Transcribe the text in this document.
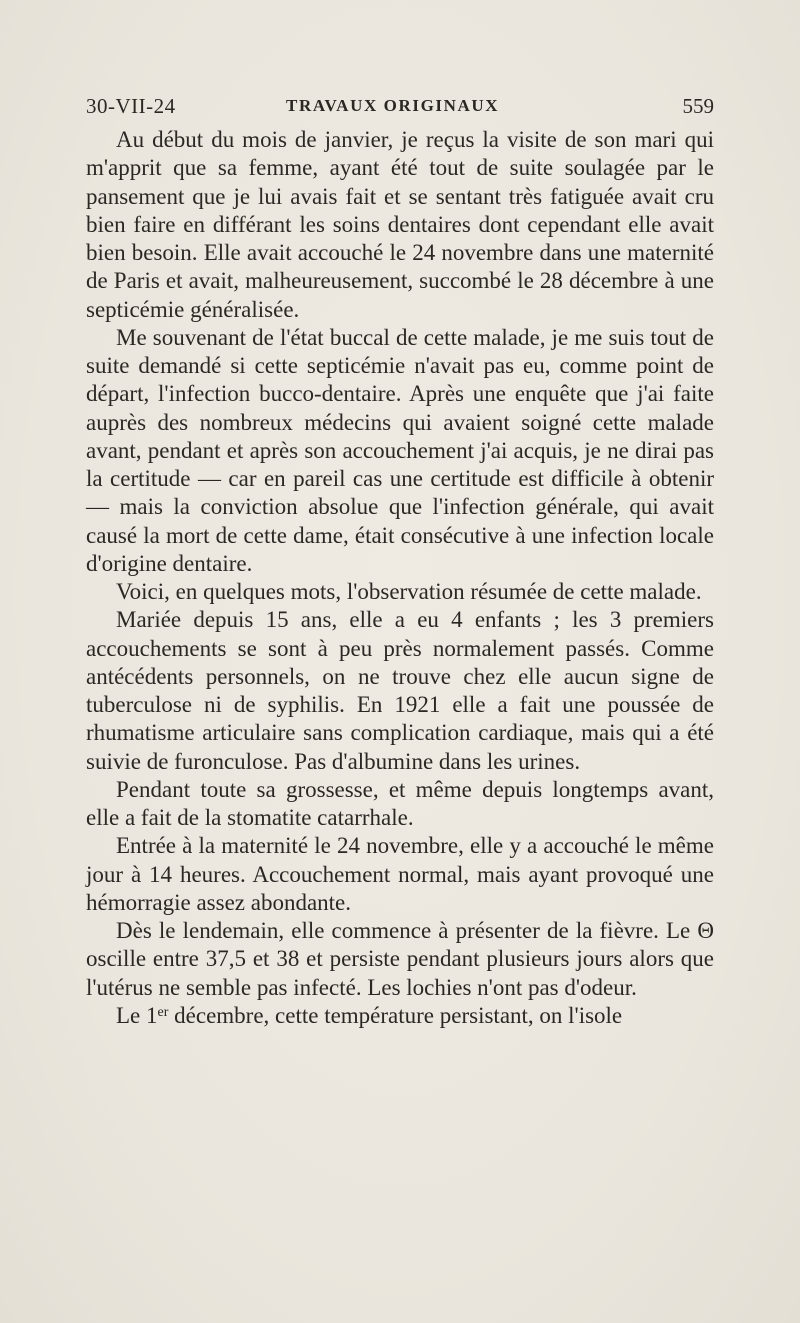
30-VII-24	TRAVAUX ORIGINAUX	559

Au début du mois de janvier, je reçus la visite de son mari qui m'apprit que sa femme, ayant été tout de suite soulagée par le pansement que je lui avais fait et se sentant très fatiguée avait cru bien faire en différant les soins dentaires dont cependant elle avait bien besoin. Elle avait accouché le 24 novembre dans une maternité de Paris et avait, malheureusement, succombé le 28 décembre à une septicémie généralisée.

Me souvenant de l'état buccal de cette malade, je me suis tout de suite demandé si cette septicémie n'avait pas eu, comme point de départ, l'infection bucco-dentaire. Après une enquête que j'ai faite auprès des nombreux médecins qui avaient soigné cette malade avant, pendant et après son accouchement j'ai acquis, je ne dirai pas la certitude — car en pareil cas une certitude est difficile à obtenir — mais la conviction absolue que l'infection générale, qui avait causé la mort de cette dame, était consécutive à une infection locale d'origine dentaire.

Voici, en quelques mots, l'observation résumée de cette malade.

Mariée depuis 15 ans, elle a eu 4 enfants ; les 3 premiers accouchements se sont à peu près normalement passés. Comme antécédents personnels, on ne trouve chez elle aucun signe de tuberculose ni de syphilis. En 1921 elle a fait une poussée de rhumatisme articulaire sans complication cardiaque, mais qui a été suivie de furonculose. Pas d'albumine dans les urines.

Pendant toute sa grossesse, et même depuis longtemps avant, elle a fait de la stomatite catarrhale.

Entrée à la maternité le 24 novembre, elle y a accouché le même jour à 14 heures. Accouchement normal, mais ayant provoqué une hémorragie assez abondante.

Dès le lendemain, elle commence à présenter de la fièvre. Le Θ oscille entre 37,5 et 38 et persiste pendant plusieurs jours alors que l'utérus ne semble pas infecté. Les lochies n'ont pas d'odeur.

Le 1er décembre, cette température persistant, on l'isole
